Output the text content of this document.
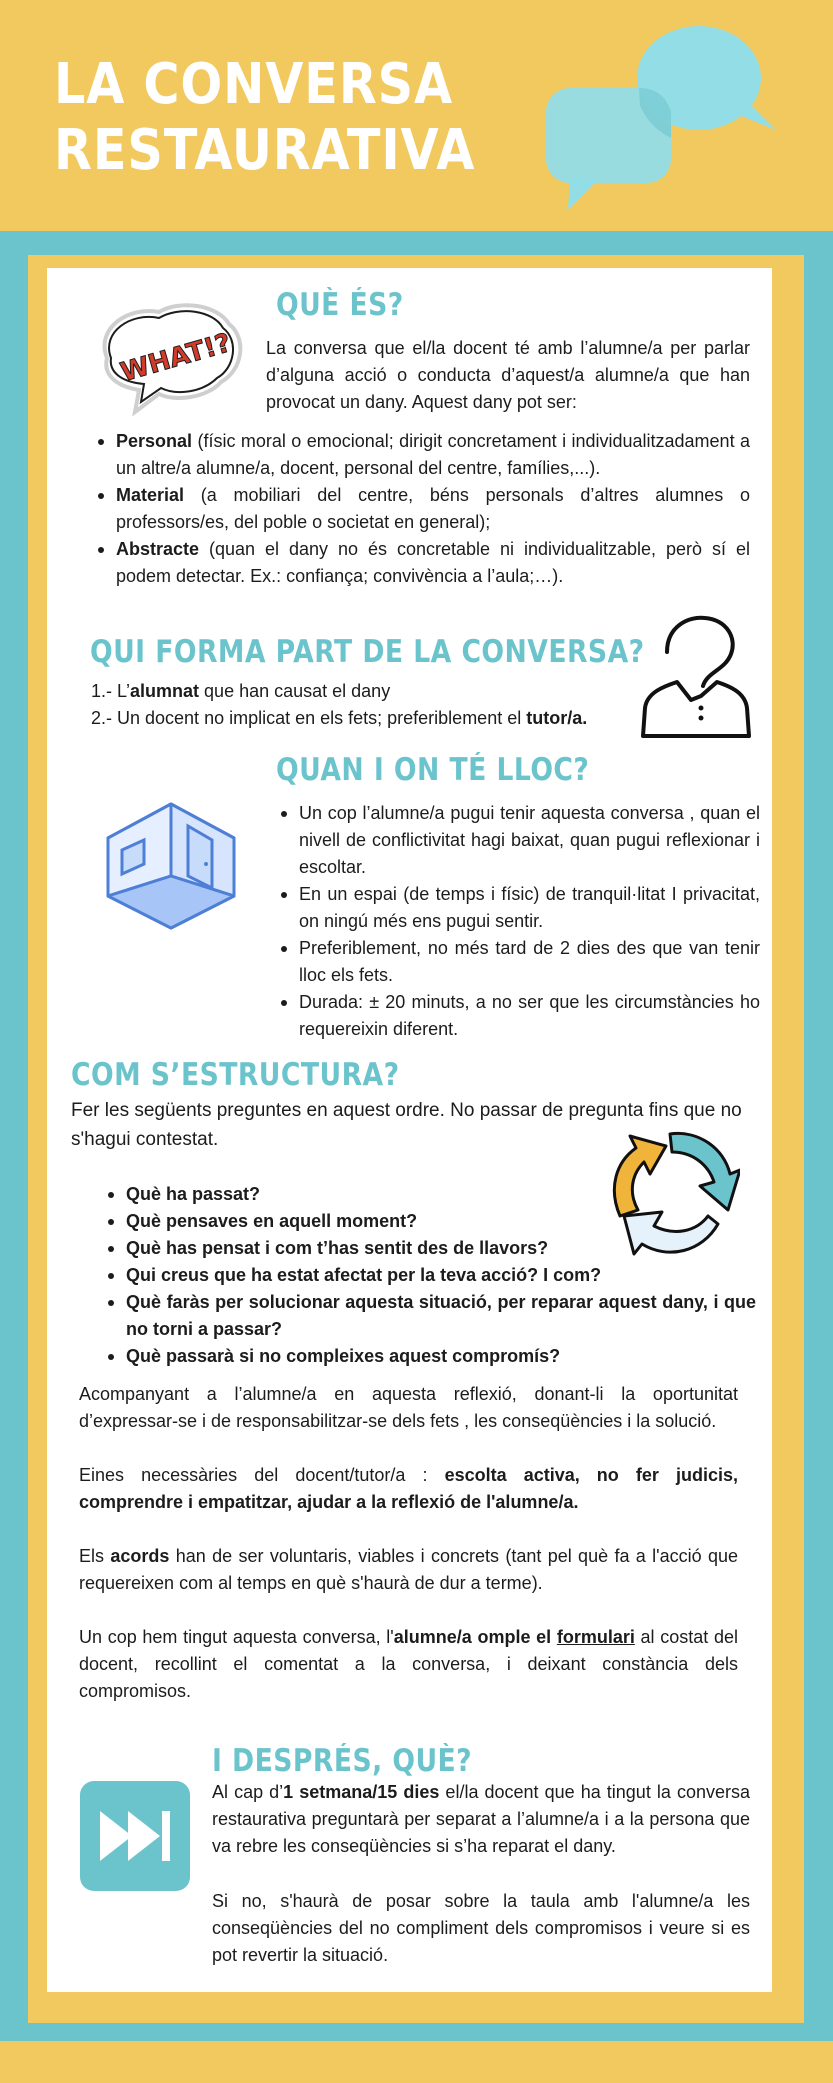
LA CONVERSA
RESTAURATIVA
WHAT!?
QUÈ ÉS?

La conversa que el/la docent té amb l’alumne/a per parlar d’alguna acció o conducta d’aquest/a alumne/a que han provocat un dany. Aquest dany pot ser:

Personal (físic moral o emocional; dirigit concretament i individualitzadament a un altre/a alumne/a, docent, personal del centre, famílies,...).
Material (a mobiliari del centre, béns personals d’altres alumnes o professors/es, del poble o societat en general);
Abstracte (quan el dany no és concretable ni individualitzable, però sí el podem detectar. Ex.: confiança; convivència a l’aula;…).
QUI FORMA PART DE LA CONVERSA?
1.- L’alumnat que han causat el dany
2.- Un docent no implicat en els fets; preferiblement el tutor/a.
QUAN I ON TÉ LLOC?
Un cop l’alumne/a pugui tenir aquesta conversa , quan el nivell de conflictivitat hagi baixat, quan pugui reflexionar i escoltar.
En un espai (de temps i físic) de tranquil·litat I privacitat, on ningú més ens pugui sentir.
Preferiblement, no més tard de 2 dies des que van tenir lloc els fets.
Durada: ± 20 minuts, a no ser que les circumstàncies ho requereixin diferent.
COM S’ESTRUCTURA?

Fer les següents preguntes en aquest ordre. No passar de pregunta fins que no s'hagui contestat.

Què ha passat?
Què pensaves en aquell moment?
Què has pensat i com t’has sentit des de llavors?
Qui creus que ha estat afectat per la teva acció? I com?
Què faràs per solucionar aquesta situació, per reparar aquest dany, i que no torni a passar?
Què passarà si no compleixes aquest compromís?

Acompanyant a l’alumne/a en aquesta reflexió, donant-li la oportunitat d’expressar-se i de responsabilitzar-se dels fets , les conseqüències i la solució.

Eines necessàries del docent/tutor/a : escolta activa, no fer judicis, comprendre i empatitzar, ajudar a la reflexió de l'alumne/a.

Els acords han de ser voluntaris, viables i concrets (tant pel què fa a l'acció que requereixen com al temps en què s'haurà de dur a terme).

Un cop hem tingut aquesta conversa, l'alumne/a omple el formulari al costat del docent, recollint el comentat a la conversa, i deixant constància dels compromisos.

I DESPRÉS, QUÈ?

Al cap d’1 setmana/15 dies el/la docent que ha tingut la conversa restaurativa preguntarà per separat a l’alumne/a i a la persona que va rebre les conseqüències si s’ha reparat el dany.

Si no, s'haurà de posar sobre la taula amb l'alumne/a les conseqüències del no compliment dels compromisos i veure si es pot revertir la situació.
